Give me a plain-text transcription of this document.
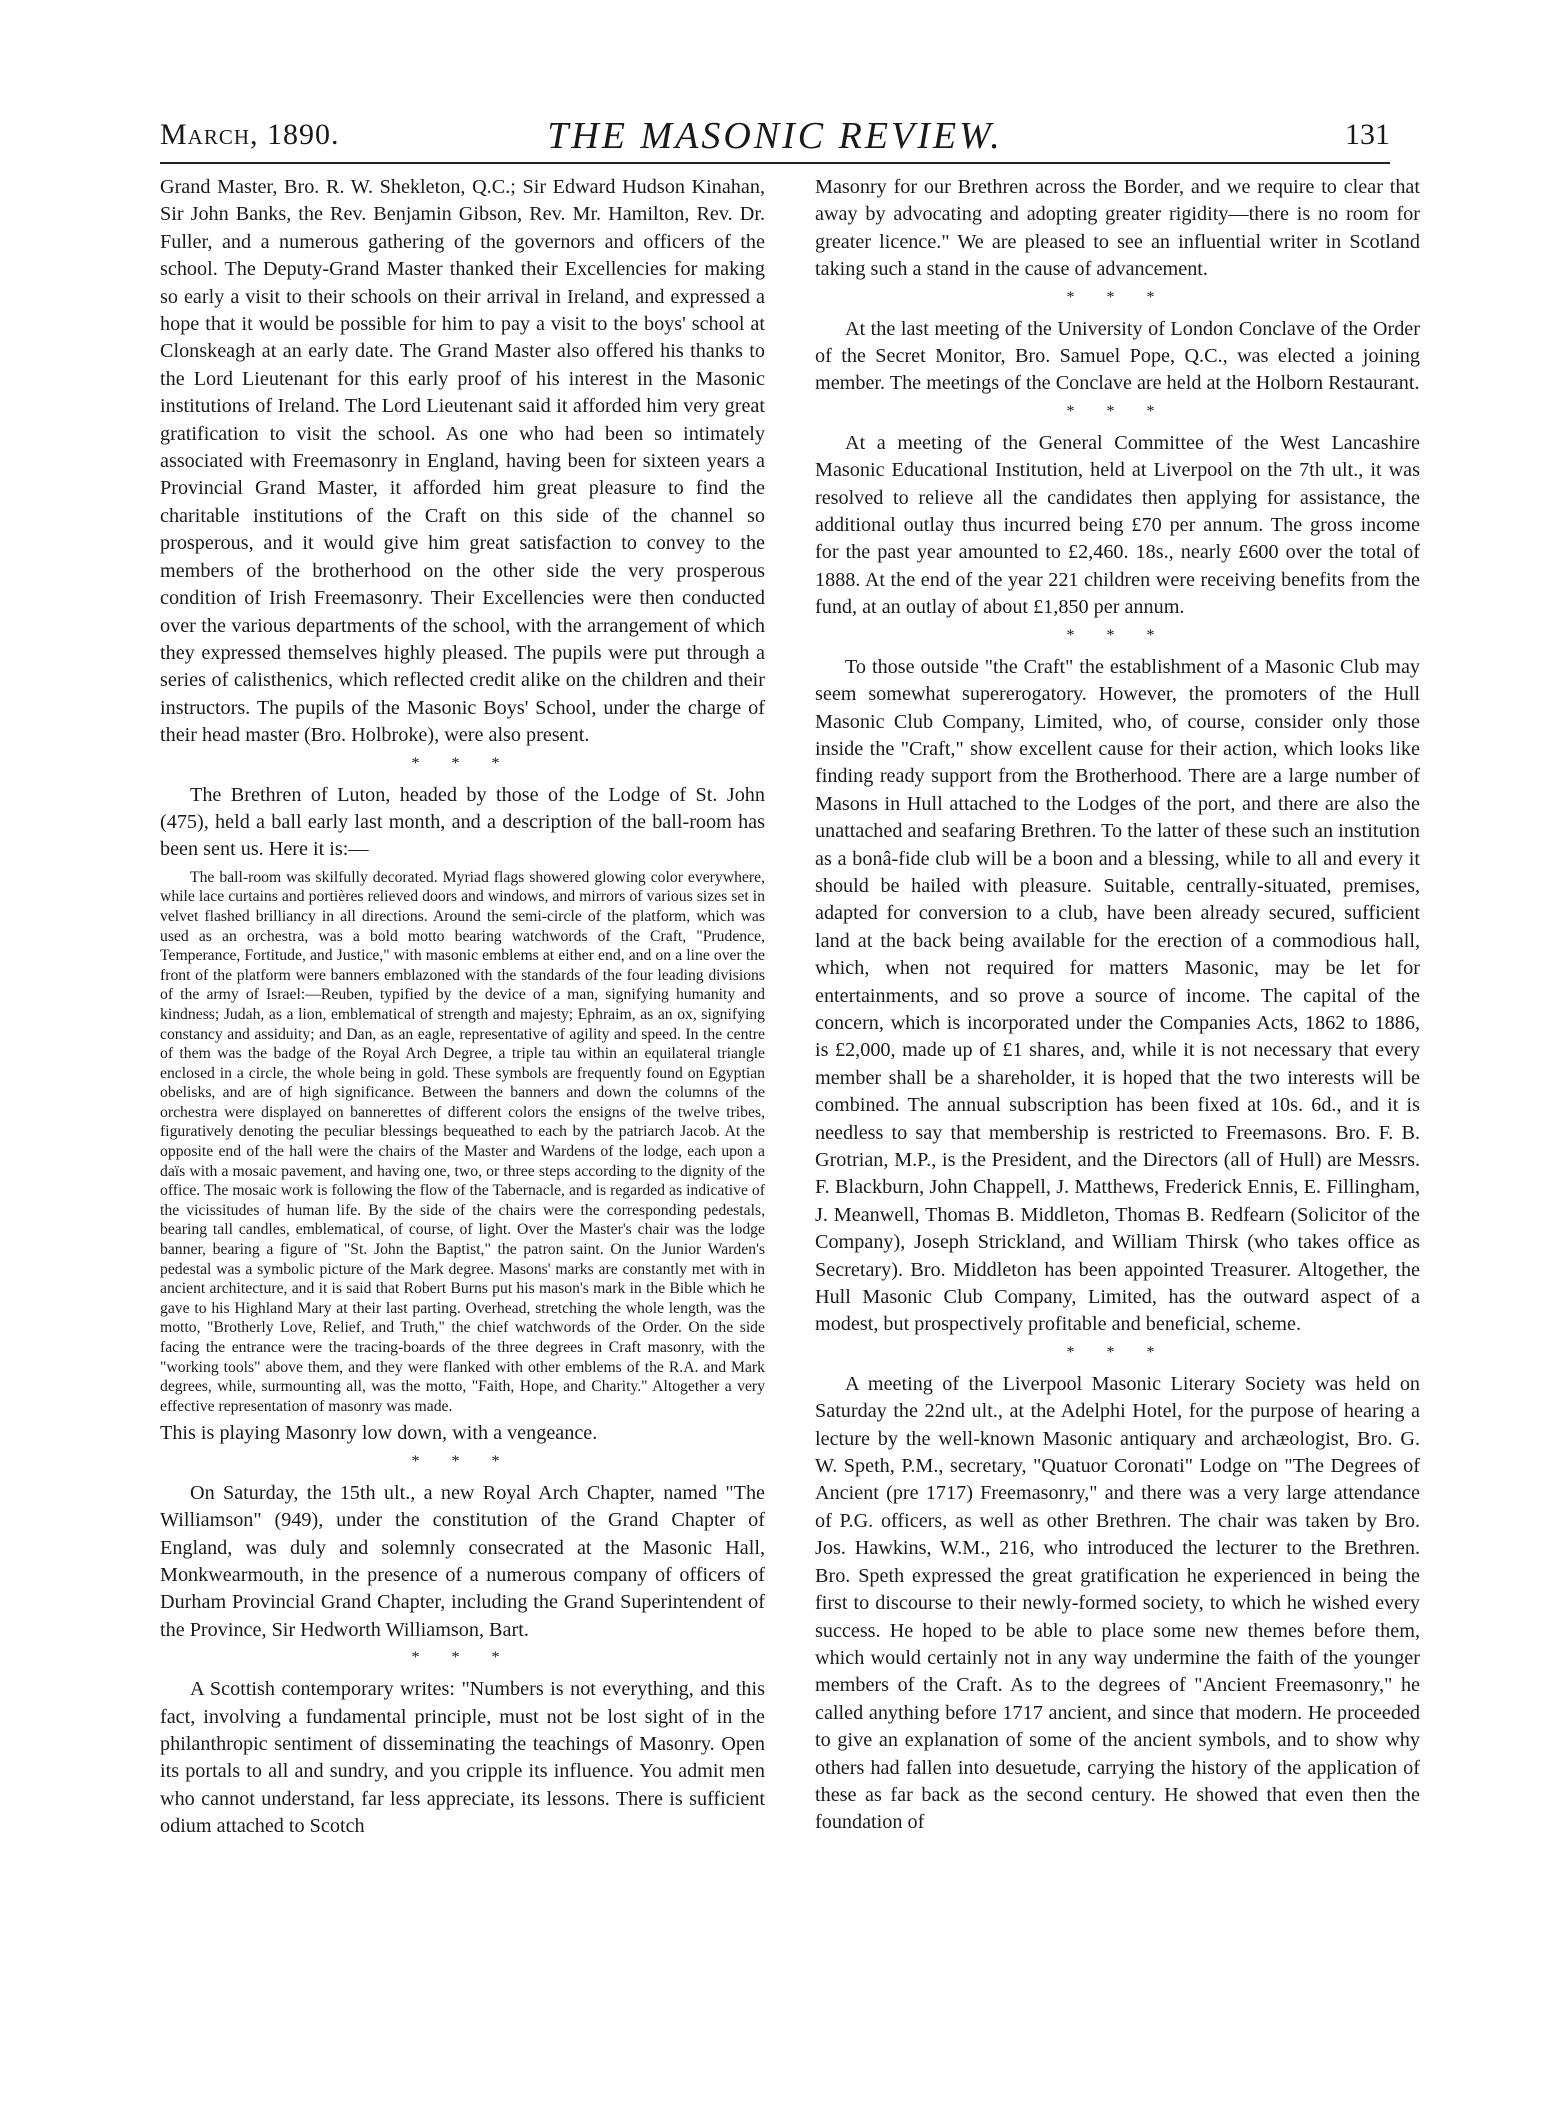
March, 1890.	THE MASONIC REVIEW.	131

Grand Master, Bro. R. W. Shekleton, Q.C.; Sir Edward Hudson Kinahan, Sir John Banks, the Rev. Benjamin Gibson, Rev. Mr. Hamilton, Rev. Dr. Fuller, and a numerous gathering of the governors and officers of the school. The Deputy-Grand Master thanked their Excellencies for making so early a visit to their schools on their arrival in Ireland, and expressed a hope that it would be possible for him to pay a visit to the boys' school at Clonskeagh at an early date. The Grand Master also offered his thanks to the Lord Lieutenant for this early proof of his interest in the Masonic institutions of Ireland. The Lord Lieutenant said it afforded him very great gratification to visit the school. As one who had been so intimately associated with Freemasonry in England, having been for sixteen years a Provincial Grand Master, it afforded him great pleasure to find the charitable institutions of the Craft on this side of the channel so prosperous, and it would give him great satisfaction to convey to the members of the brotherhood on the other side the very prosperous condition of Irish Freemasonry. Their Excellencies were then conducted over the various departments of the school, with the arrangement of which they expressed themselves highly pleased. The pupils were put through a series of calisthenics, which reflected credit alike on the children and their instructors. The pupils of the Masonic Boys' School, under the charge of their head master (Bro. Holbroke), were also present.

* * *

The Brethren of Luton, headed by those of the Lodge of St. John (475), held a ball early last month, and a description of the ball-room has been sent us. Here it is:—

The ball-room was skilfully decorated. Myriad flags showered glowing color everywhere, while lace curtains and portières relieved doors and windows, and mirrors of various sizes set in velvet flashed brilliancy in all directions. Around the semi-circle of the platform, which was used as an orchestra, was a bold motto bearing watchwords of the Craft, "Prudence, Temperance, Fortitude, and Justice," with masonic emblems at either end, and on a line over the front of the platform were banners emblazoned with the standards of the four leading divisions of the army of Israel:—Reuben, typified by the device of a man, signifying humanity and kindness; Judah, as a lion, emblematical of strength and majesty; Ephraim, as an ox, signifying constancy and assiduity; and Dan, as an eagle, representative of agility and speed. In the centre of them was the badge of the Royal Arch Degree, a triple tau within an equilateral triangle enclosed in a circle, the whole being in gold. These symbols are frequently found on Egyptian obelisks, and are of high significance. Between the banners and down the columns of the orchestra were displayed on bannerettes of different colors the ensigns of the twelve tribes, figuratively denoting the peculiar blessings bequeathed to each by the patriarch Jacob. At the opposite end of the hall were the chairs of the Master and Wardens of the lodge, each upon a daïs with a mosaic pavement, and having one, two, or three steps according to the dignity of the office. The mosaic work is following the flow of the Tabernacle, and is regarded as indicative of the vicissitudes of human life. By the side of the chairs were the corresponding pedestals, bearing tall candles, emblematical, of course, of light. Over the Master's chair was the lodge banner, bearing a figure of "St. John the Baptist," the patron saint. On the Junior Warden's pedestal was a symbolic picture of the Mark degree. Masons' marks are constantly met with in ancient architecture, and it is said that Robert Burns put his mason's mark in the Bible which he gave to his Highland Mary at their last parting. Overhead, stretching the whole length, was the motto, "Brotherly Love, Relief, and Truth," the chief watchwords of the Order. On the side facing the entrance were the tracing-boards of the three degrees in Craft masonry, with the "working tools" above them, and they were flanked with other emblems of the R.A. and Mark degrees, while, surmounting all, was the motto, "Faith, Hope, and Charity." Altogether a very effective representation of masonry was made.

This is playing Masonry low down, with a vengeance.

* * *

On Saturday, the 15th ult., a new Royal Arch Chapter, named "The Williamson" (949), under the constitution of the Grand Chapter of England, was duly and solemnly consecrated at the Masonic Hall, Monkwearmouth, in the presence of a numerous company of officers of Durham Provincial Grand Chapter, including the Grand Superintendent of the Province, Sir Hedworth Williamson, Bart.

* * *

A Scottish contemporary writes: "Numbers is not everything, and this fact, involving a fundamental principle, must not be lost sight of in the philanthropic sentiment of disseminating the teachings of Masonry. Open its portals to all and sundry, and you cripple its influence. You admit men who cannot understand, far less appreciate, its lessons. There is sufficient odium attached to Scotch

Masonry for our Brethren across the Border, and we require to clear that away by advocating and adopting greater rigidity—there is no room for greater licence." We are pleased to see an influential writer in Scotland taking such a stand in the cause of advancement.

* * *

At the last meeting of the University of London Conclave of the Order of the Secret Monitor, Bro. Samuel Pope, Q.C., was elected a joining member. The meetings of the Conclave are held at the Holborn Restaurant.

* * *

At a meeting of the General Committee of the West Lancashire Masonic Educational Institution, held at Liverpool on the 7th ult., it was resolved to relieve all the candidates then applying for assistance, the additional outlay thus incurred being £70 per annum. The gross income for the past year amounted to £2,460. 18s., nearly £600 over the total of 1888. At the end of the year 221 children were receiving benefits from the fund, at an outlay of about £1,850 per annum.

* * *

To those outside "the Craft" the establishment of a Masonic Club may seem somewhat supererogatory. However, the promoters of the Hull Masonic Club Company, Limited, who, of course, consider only those inside the "Craft," show excellent cause for their action, which looks like finding ready support from the Brotherhood. There are a large number of Masons in Hull attached to the Lodges of the port, and there are also the unattached and seafaring Brethren. To the latter of these such an institution as a bonâ-fide club will be a boon and a blessing, while to all and every it should be hailed with pleasure. Suitable, centrally-situated, premises, adapted for conversion to a club, have been already secured, sufficient land at the back being available for the erection of a commodious hall, which, when not required for matters Masonic, may be let for entertainments, and so prove a source of income. The capital of the concern, which is incorporated under the Companies Acts, 1862 to 1886, is £2,000, made up of £1 shares, and, while it is not necessary that every member shall be a shareholder, it is hoped that the two interests will be combined. The annual subscription has been fixed at 10s. 6d., and it is needless to say that membership is restricted to Freemasons. Bro. F. B. Grotrian, M.P., is the President, and the Directors (all of Hull) are Messrs. F. Blackburn, John Chappell, J. Matthews, Frederick Ennis, E. Fillingham, J. Meanwell, Thomas B. Middleton, Thomas B. Redfearn (Solicitor of the Company), Joseph Strickland, and William Thirsk (who takes office as Secretary). Bro. Middleton has been appointed Treasurer. Altogether, the Hull Masonic Club Company, Limited, has the outward aspect of a modest, but prospectively profitable and beneficial, scheme.

* * *

A meeting of the Liverpool Masonic Literary Society was held on Saturday the 22nd ult., at the Adelphi Hotel, for the purpose of hearing a lecture by the well-known Masonic antiquary and archæologist, Bro. G. W. Speth, P.M., secretary, "Quatuor Coronati" Lodge on "The Degrees of Ancient (pre 1717) Freemasonry," and there was a very large attendance of P.G. officers, as well as other Brethren. The chair was taken by Bro. Jos. Hawkins, W.M., 216, who introduced the lecturer to the Brethren. Bro. Speth expressed the great gratification he experienced in being the first to discourse to their newly-formed society, to which he wished every success. He hoped to be able to place some new themes before them, which would certainly not in any way undermine the faith of the younger members of the Craft. As to the degrees of "Ancient Freemasonry," he called anything before 1717 ancient, and since that modern. He proceeded to give an explanation of some of the ancient symbols, and to show why others had fallen into desuetude, carrying the history of the application of these as far back as the second century. He showed that even then the foundation of
